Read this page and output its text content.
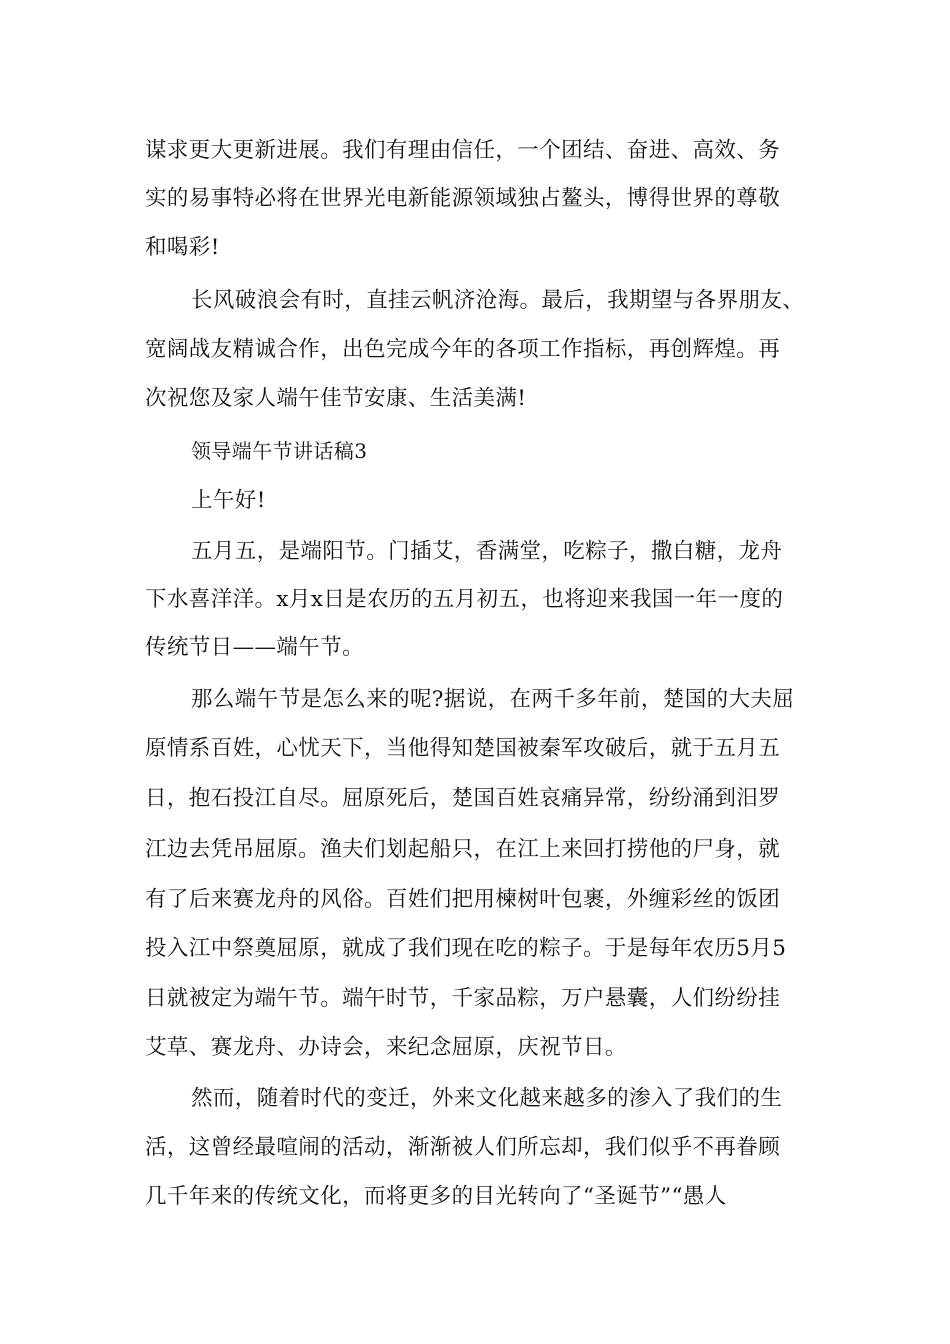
谋求更大更新进展。我们有理由信任，一个团结、奋进、高效、务

实的易事特必将在世界光电新能源领域独占鳌头，博得世界的尊敬

和喝彩!

长风破浪会有时，直挂云帆济沧海。最后，我期望与各界朋友、

宽阔战友精诚合作，出色完成今年的各项工作指标，再创辉煌。再

次祝您及家人端午佳节安康、生活美满!

领导端午节讲话稿3

上午好!

五月五，是端阳节。门插艾，香满堂，吃粽子，撒白糖，龙舟

下水喜洋洋。x月x日是农历的五月初五，也将迎来我国一年一度的

传统节日——端午节。

那么端午节是怎么来的呢?据说，在两千多年前，楚国的大夫屈

原情系百姓，心忧天下，当他得知楚国被秦军攻破后，就于五月五

日，抱石投江自尽。屈原死后，楚国百姓哀痛异常，纷纷涌到汨罗

江边去凭吊屈原。渔夫们划起船只，在江上来回打捞他的尸身，就

有了后来赛龙舟的风俗。百姓们把用楝树叶包裹，外缠彩丝的饭团

投入江中祭奠屈原，就成了我们现在吃的粽子。于是每年农历5月5

日就被定为端午节。端午时节，千家品粽，万户悬囊，人们纷纷挂

艾草、赛龙舟、办诗会，来纪念屈原，庆祝节日。

然而，随着时代的变迁，外来文化越来越多的渗入了我们的生

活，这曾经最喧闹的活动，渐渐被人们所忘却，我们似乎不再眷顾

几千年来的传统文化，而将更多的目光转向了“圣诞节”“愚人
